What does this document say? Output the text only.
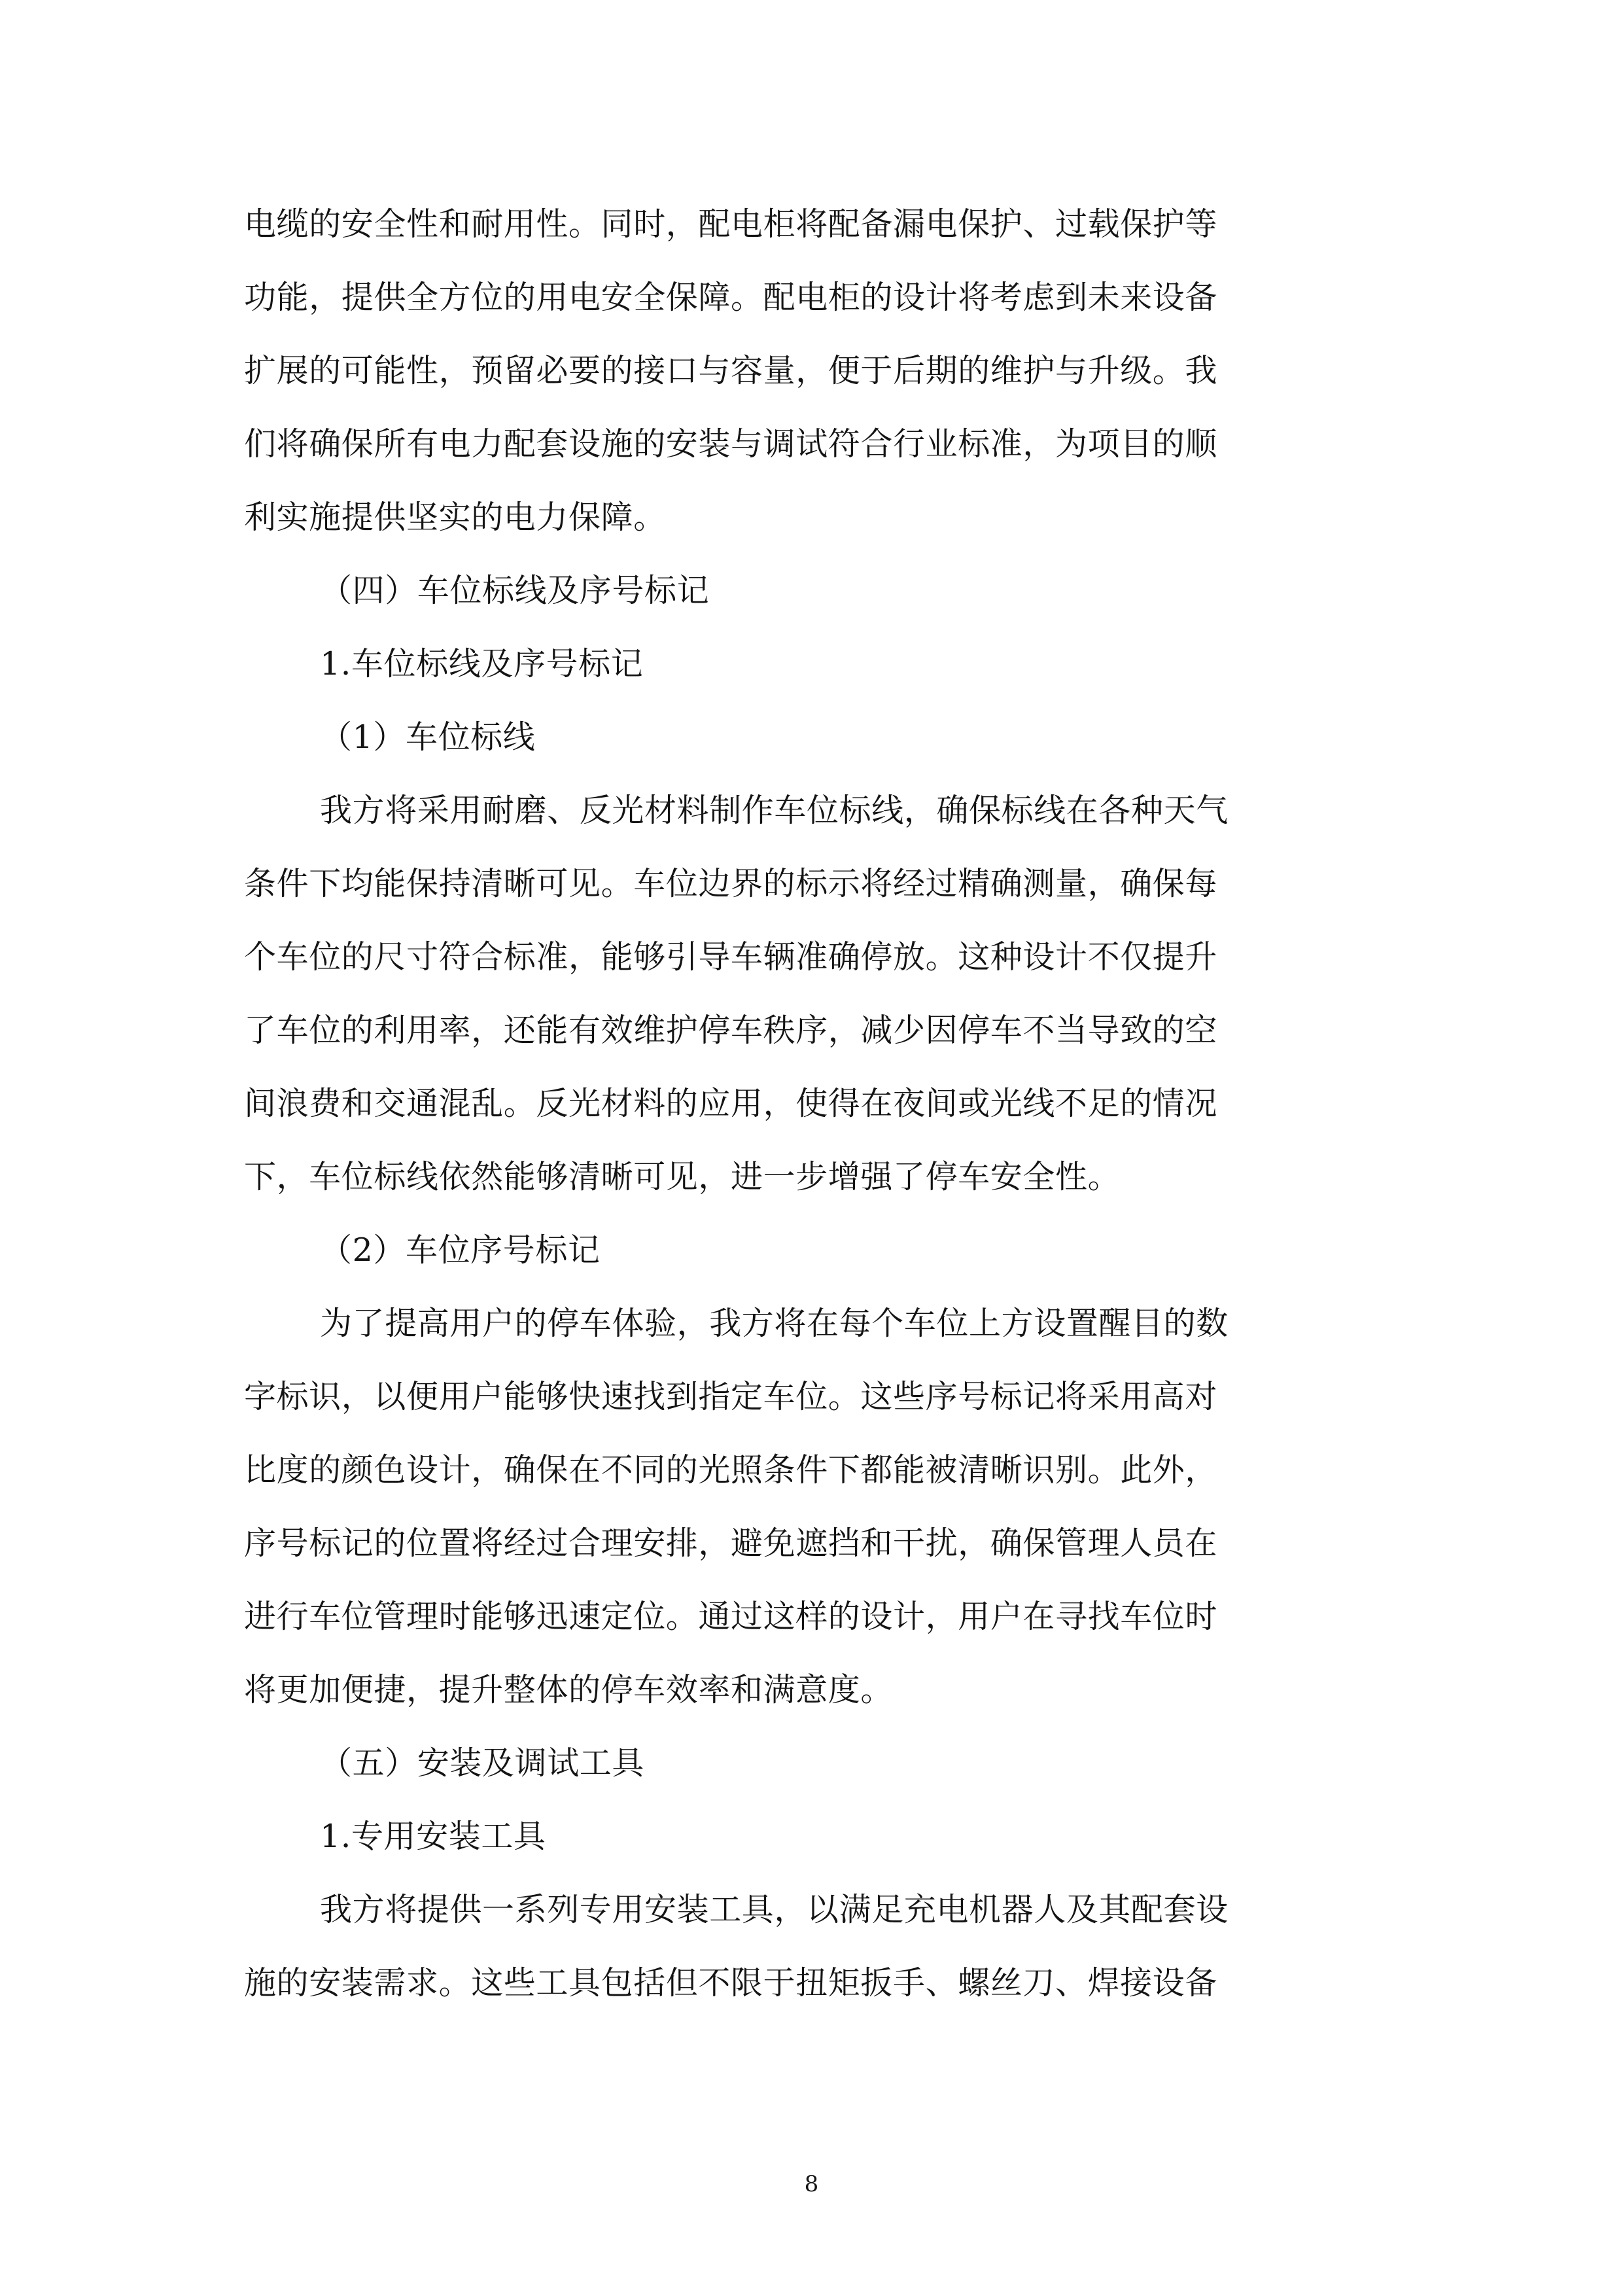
电缆的安全性和耐用性。同时，配电柜将配备漏电保护、过载保护等
功能，提供全方位的用电安全保障。配电柜的设计将考虑到未来设备
扩展的可能性，预留必要的接口与容量，便于后期的维护与升级。我
们将确保所有电力配套设施的安装与调试符合行业标准，为项目的顺
利实施提供坚实的电力保障。
（四）车位标线及序号标记
1.车位标线及序号标记
（1）车位标线
我方将采用耐磨、反光材料制作车位标线，确保标线在各种天气
条件下均能保持清晰可见。车位边界的标示将经过精确测量，确保每
个车位的尺寸符合标准，能够引导车辆准确停放。这种设计不仅提升
了车位的利用率，还能有效维护停车秩序，减少因停车不当导致的空
间浪费和交通混乱。反光材料的应用，使得在夜间或光线不足的情况
下，车位标线依然能够清晰可见，进一步增强了停车安全性。
（2）车位序号标记
为了提高用户的停车体验，我方将在每个车位上方设置醒目的数
字标识，以便用户能够快速找到指定车位。这些序号标记将采用高对
比度的颜色设计，确保在不同的光照条件下都能被清晰识别。此外，
序号标记的位置将经过合理安排，避免遮挡和干扰，确保管理人员在
进行车位管理时能够迅速定位。通过这样的设计，用户在寻找车位时
将更加便捷，提升整体的停车效率和满意度。
（五）安装及调试工具
1.专用安装工具
我方将提供一系列专用安装工具，以满足充电机器人及其配套设
施的安装需求。这些工具包括但不限于扭矩扳手、螺丝刀、焊接设备
8
